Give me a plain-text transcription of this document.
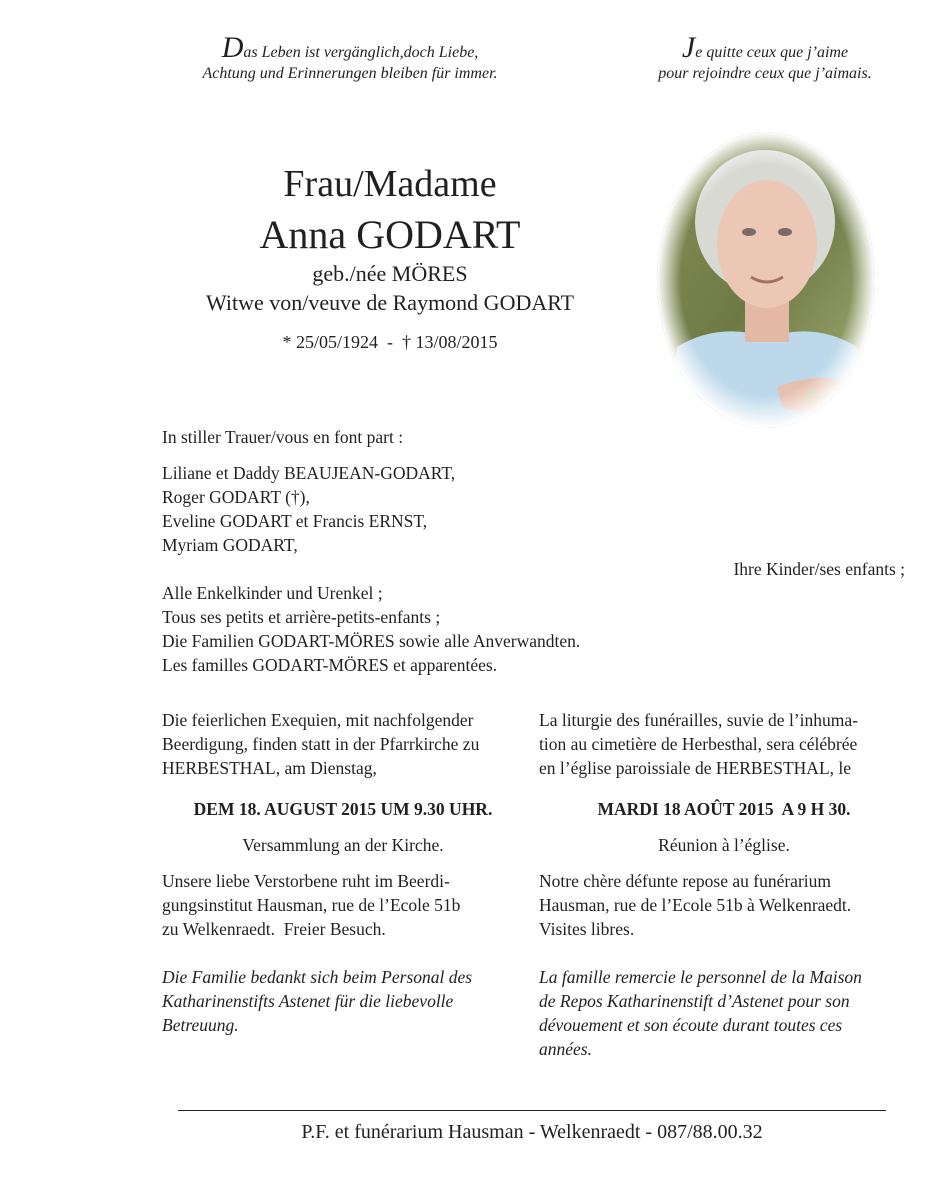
Das Leben ist vergänglich,doch Liebe,
Achtung und Erinnerungen bleiben für immer.
Je quitte ceux que j’aime
pour rejoindre ceux que j’aimais.
Frau/Madame
Anna GODART
geb./née MÖRES
Witwe von/veuve de Raymond GODART
* 25/05/1924  -  † 13/08/2015
In stiller Trauer/vous en font part :
Liliane et Daddy BEAUJEAN-GODART,
Roger GODART (†),
Eveline GODART et Francis ERNST,
Myriam GODART,
Ihre Kinder/ses enfants ;
Alle Enkelkinder und Urenkel ;
Tous ses petits et arrière-petits-enfants ;
Die Familien GODART-MÖRES sowie alle Anverwandten.
Les familles GODART-MÖRES et apparentées.
Die feierlichen Exequien, mit nachfolgender
Beerdigung, finden statt in der Pfarrkirche zu
HERBESTHAL, am Dienstag,
DEM 18. AUGUST 2015 UM 9.30 UHR.
Versammlung an der Kirche.
Unsere liebe Verstorbene ruht im Beerdi-
gungsinstitut Hausman, rue de l’Ecole 51b
zu Welkenraedt.  Freier Besuch.
Die Familie bedankt sich beim Personal des
Katharinenstifts Astenet für die liebevolle
Betreuung.
La liturgie des funérailles, suvie de l’inhuma-
tion au cimetière de Herbesthal, sera célébrée
en l’église paroissiale de HERBESTHAL, le
MARDI 18 AOÛT 2015  A 9 H 30.
Réunion à l’église.
Notre chère défunte repose au funérarium
Hausman, rue de l’Ecole 51b à Welkenraedt.
Visites libres.
La famille remercie le personnel de la Maison
de Repos Katharinenstift d’Astenet pour son
dévouement et son écoute durant toutes ces
années.
P.F. et funérarium Hausman - Welkenraedt - 087/88.00.32
